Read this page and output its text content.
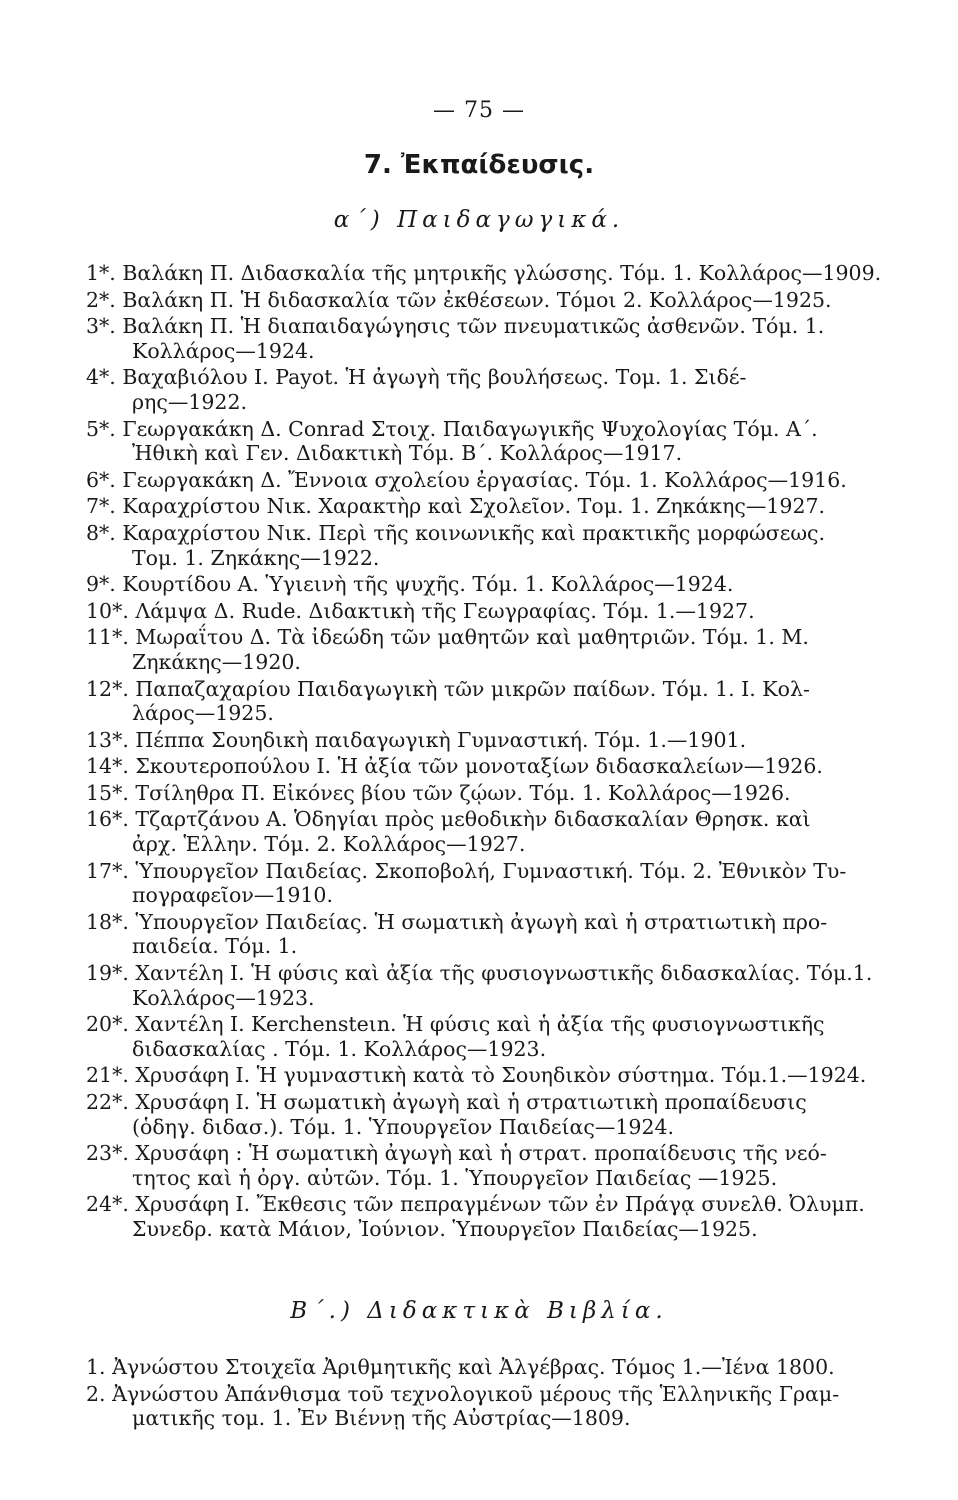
— 75 —
7. Ἐκπαίδευσις.
α΄) Παιδαγωγικά.
1*. Βαλάκη Π. Διδασκαλία τῆς μητρικῆς γλώσσης. Τόμ. 1. Κολλάρος—1909.
2*. Βαλάκη Π. Ἡ διδασκαλία τῶν ἐκθέσεων. Τόμοι 2. Κολλάρος—1925.
3*. Βαλάκη Π. Ἡ διαπαιδαγώγησις τῶν πνευματικῶς ἀσθενῶν. Τόμ. 1.
Κολλάρος—1924.
4*. Βαχαβιόλου Ι. Payot. Ἡ ἀγωγὴ τῆς βουλήσεως. Τομ. 1. Σιδέ-
ρης—1922.
5*. Γεωργακάκη Δ. Conrad Στοιχ. Παιδαγωγικῆς Ψυχολογίας Τόμ. Α΄.
Ἠθικὴ καὶ Γεν. Διδακτικὴ Τόμ. Β΄. Κολλάρος—1917.
6*. Γεωργακάκη Δ. Ἔννοια σχολείου ἐργασίας. Τόμ. 1. Κολλάρος—1916.
7*. Καραχρίστου Νικ. Χαρακτὴρ καὶ Σχολεῖον. Τομ. 1. Ζηκάκης—1927.
8*. Καραχρίστου Νικ. Περὶ τῆς κοινωνικῆς καὶ πρακτικῆς μορφώσεως.
Τομ. 1. Ζηκάκης—1922.
9*. Κουρτίδου Α. Ὑγιεινὴ τῆς ψυχῆς. Τόμ. 1. Κολλάρος—1924.
10*. Λάμψα Δ. Rude. Διδακτικὴ τῆς Γεωγραφίας. Τόμ. 1.—1927.
11*. Μωραΐτου Δ. Τὰ ἰδεώδη τῶν μαθητῶν καὶ μαθητριῶν. Τόμ. 1. Μ.
Ζηκάκης—1920.
12*. Παπαζαχαρίου Παιδαγωγικὴ τῶν μικρῶν παίδων. Τόμ. 1. Ι. Κολ-
λάρος—1925.
13*. Πέππα Σουηδικὴ παιδαγωγικὴ Γυμναστική. Τόμ. 1.—1901.
14*. Σκουτεροπούλου Ι. Ἡ ἀξία τῶν μονοταξίων διδασκαλείων—1926.
15*. Τσίληθρα Π. Εἰκόνες βίου τῶν ζῴων. Τόμ. 1. Κολλάρος—1926.
16*. Τζαρτζάνου Α. Ὁδηγίαι πρὸς μεθοδικὴν διδασκαλίαν Θρησκ. καὶ
ἀρχ. Ἑλλην. Τόμ. 2. Κολλάρος—1927.
17*. Ὑπουργεῖον Παιδείας. Σκοποβολή, Γυμναστική. Τόμ. 2. Ἐθνικὸν Τυ-
πογραφεῖον—1910.
18*. Ὑπουργεῖον Παιδείας. Ἡ σωματικὴ ἀγωγὴ καὶ ἡ στρατιωτικὴ προ-
παιδεία. Τόμ. 1.
19*. Χαντέλη Ι. Ἡ φύσις καὶ ἀξία τῆς φυσιογνωστικῆς διδασκαλίας. Τόμ.1.
Κολλάρος—1923.
20*. Χαντέλη Ι. Kerchensteιn. Ἡ φύσις καὶ ἡ ἀξία τῆς φυσιογνωστικῆς
διδασκαλίας . Τόμ. 1. Κολλάρος—1923.
21*. Χρυσάφη Ι. Ἡ γυμναστικὴ κατὰ τὸ Σουηδικὸν σύστημα. Τόμ.1.—1924.
22*. Χρυσάφη Ι. Ἡ σωματικὴ ἀγωγὴ καὶ ἡ στρατιωτικὴ προπαίδευσις
(ὁδηγ. διδασ.). Τόμ. 1. Ὑπουργεῖον Παιδείας—1924.
23*. Χρυσάφη : Ἡ σωματικὴ ἀγωγὴ καὶ ἡ στρατ. προπαίδευσις τῆς νεό-
τητος καὶ ἡ ὀργ. αὐτῶν. Τόμ. 1. Ὑπουργεῖον Παιδείας —1925.
24*. Χρυσάφη Ι. Ἔκθεσις τῶν πεπραγμένων τῶν ἐν Πράγᾳ συνελθ. Ὀλυμπ.
Συνεδρ. κατὰ Μάιον, Ἰούνιον. Ὑπουργεῖον Παιδείας—1925.
Β΄.) Διδακτικὰ Βιβλία.
1. Ἀγνώστου Στοιχεῖα Ἀριθμητικῆς καὶ Ἀλγέβρας. Τόμος 1.—Ἰένα 1800.
2. Ἀγνώστου Ἀπάνθισμα τοῦ τεχνολογικοῦ μέρους τῆς Ἑλληνικῆς Γραμ-
ματικῆς τομ. 1. Ἐν Βιέννῃ τῆς Αὐστρίας—1809.
